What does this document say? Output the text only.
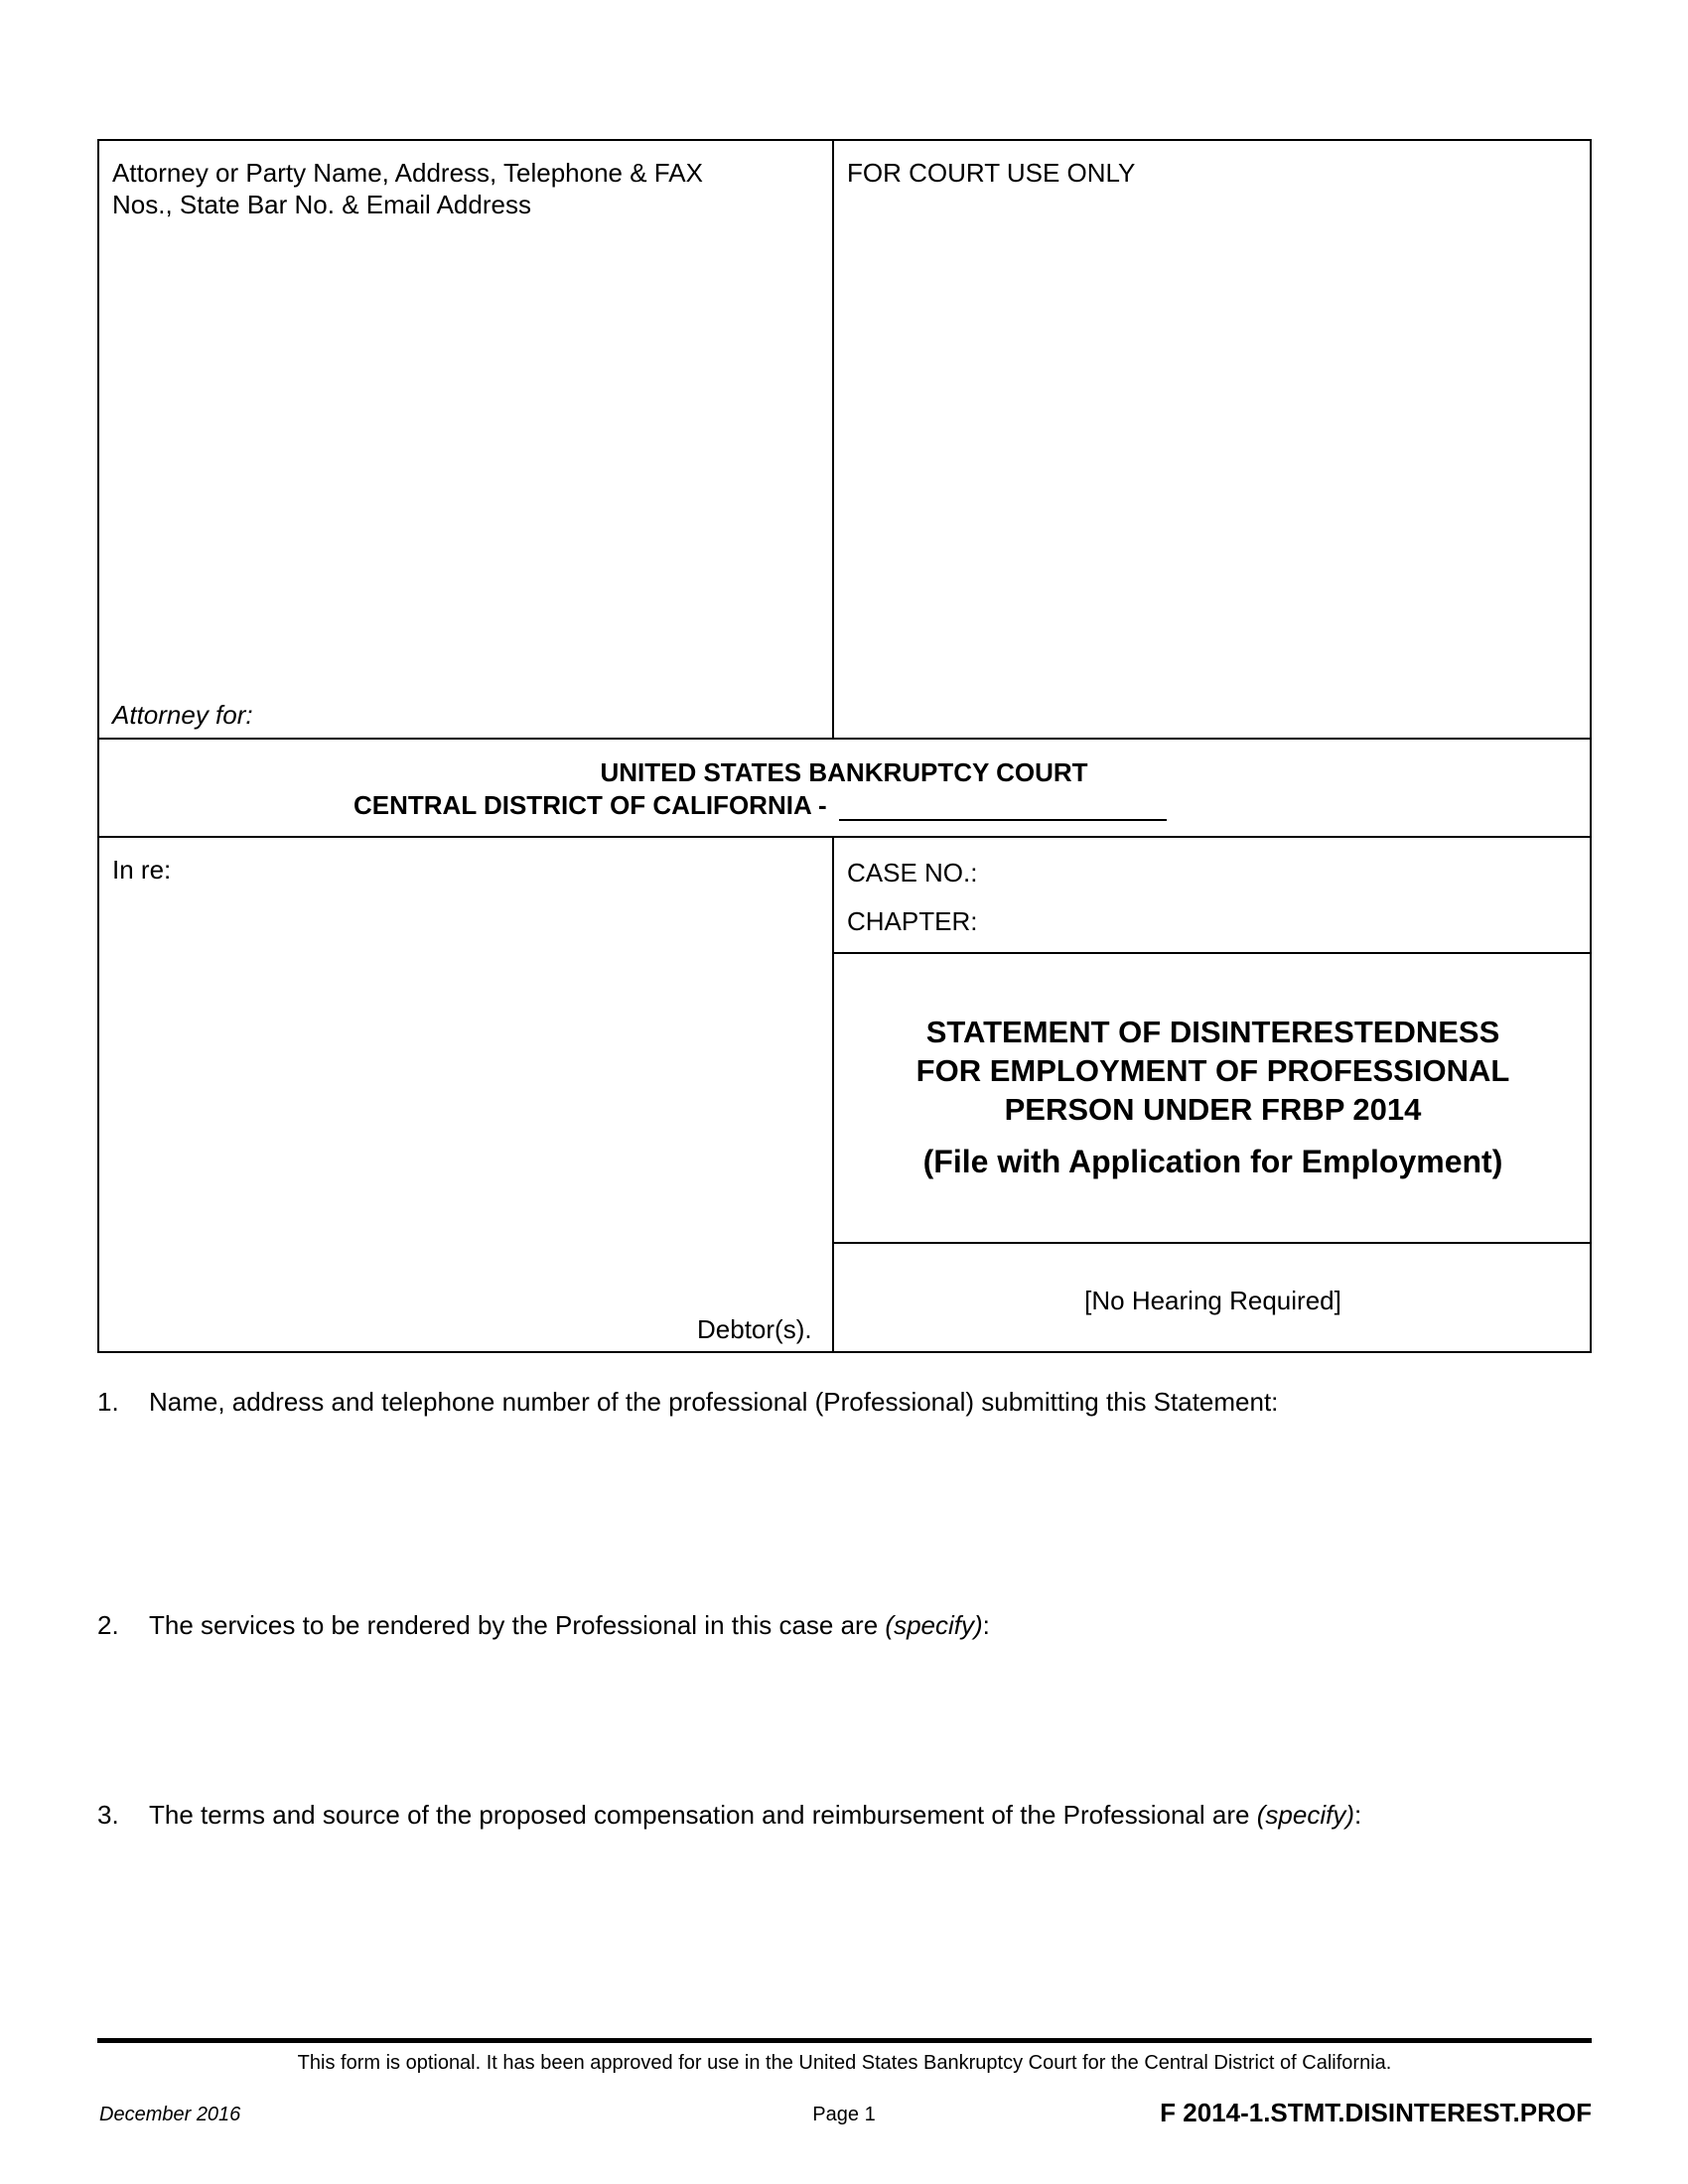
Attorney or Party Name, Address, Telephone & FAX
Nos., State Bar No. & Email Address
Attorney for:
FOR COURT USE ONLY
UNITED STATES BANKRUPTCY COURT
CENTRAL DISTRICT OF CALIFORNIA -
In re:
Debtor(s).
CASE NO.:
CHAPTER:
STATEMENT OF DISINTERESTEDNESS
FOR EMPLOYMENT OF PROFESSIONAL
PERSON UNDER FRBP 2014
(File with Application for Employment)
[No Hearing Required]
1. Name, address and telephone number of the professional (Professional) submitting this Statement:
2. The services to be rendered by the Professional in this case are (specify):
3. The terms and source of the proposed compensation and reimbursement of the Professional are (specify):
This form is optional. It has been approved for use in the United States Bankruptcy Court for the Central District of California.
December 2016	Page 1	F 2014-1.STMT.DISINTEREST.PROF
